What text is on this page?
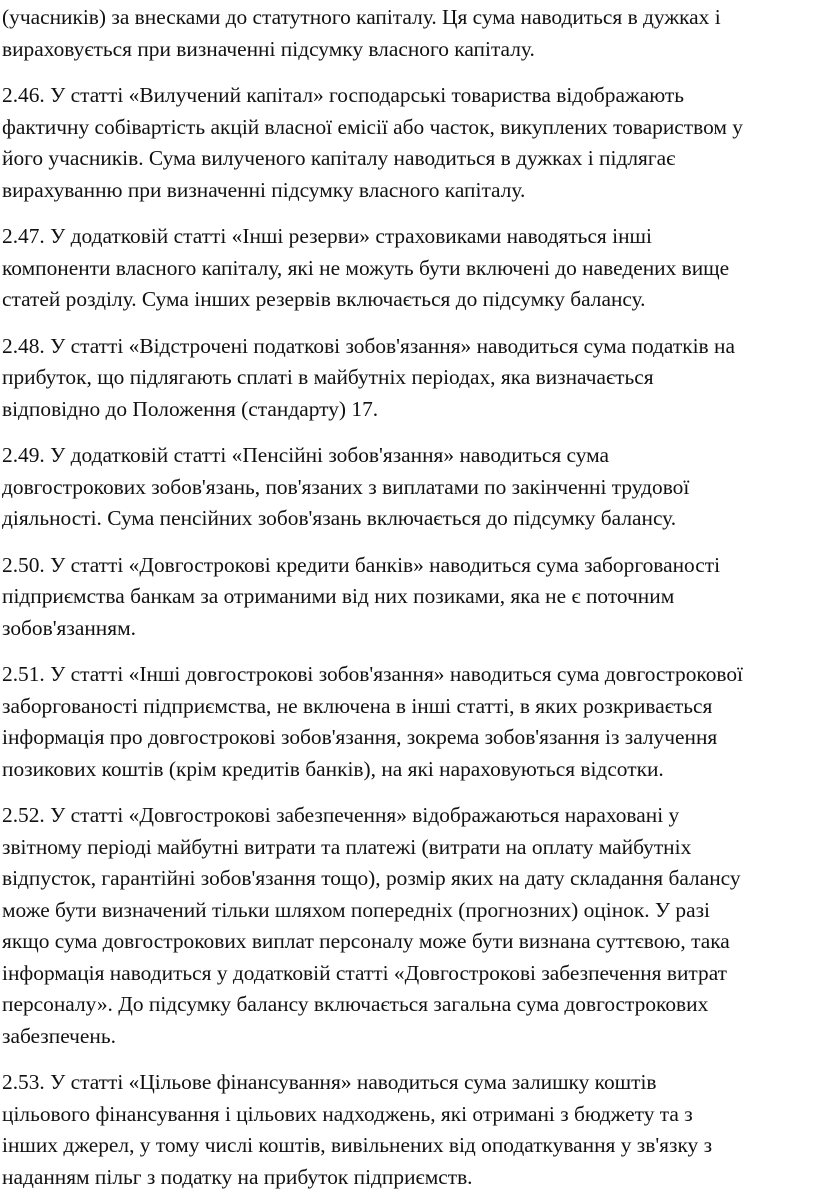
(учасників) за внесками до статутного капіталу. Ця сума наводиться в дужках і
вираховується при визначенні підсумку власного капіталу.

2.46. У статті «Вилучений капітал» господарські товариства відображають
фактичну собівартість акцій власної емісії або часток, викуплених товариством у
його учасників. Сума вилученого капіталу наводиться в дужках і підлягає
вирахуванню при визначенні підсумку власного капіталу.

2.47. У додатковій статті «Інші резерви» страховиками наводяться інші
компоненти власного капіталу, які не можуть бути включені до наведених вище
статей розділу. Сума інших резервів включається до підсумку балансу.

2.48. У статті «Відстрочені податкові зобов'язання» наводиться сума податків на
прибуток, що підлягають сплаті в майбутніх періодах, яка визначається
відповідно до Положення (стандарту) 17.

2.49. У додатковій статті «Пенсійні зобов'язання» наводиться сума
довгострокових зобов'язань, пов'язаних з виплатами по закінченні трудової
діяльності. Сума пенсійних зобов'язань включається до підсумку балансу.

2.50. У статті «Довгострокові кредити банків» наводиться сума заборгованості
підприємства банкам за отриманими від них позиками, яка не є поточним
зобов'язанням.

2.51. У статті «Інші довгострокові зобов'язання» наводиться сума довгострокової
заборгованості підприємства, не включена в інші статті, в яких розкривається
інформація про довгострокові зобов'язання, зокрема зобов'язання із залучення
позикових коштів (крім кредитів банків), на які нараховуються відсотки.

2.52. У статті «Довгострокові забезпечення» відображаються нараховані у
звітному періоді майбутні витрати та платежі (витрати на оплату майбутніх
відпусток, гарантійні зобов'язання тощо), розмір яких на дату складання балансу
може бути визначений тільки шляхом попередніх (прогнозних) оцінок. У разі
якщо сума довгострокових виплат персоналу може бути визнана суттєвою, така
інформація наводиться у додатковій статті «Довгострокові забезпечення витрат
персоналу». До підсумку балансу включається загальна сума довгострокових
забезпечень.

2.53. У статті «Цільове фінансування» наводиться сума залишку коштів
цільового фінансування і цільових надходжень, які отримані з бюджету та з
інших джерел, у тому числі коштів, вивільнених від оподаткування у зв'язку з
наданням пільг з податку на прибуток підприємств.
